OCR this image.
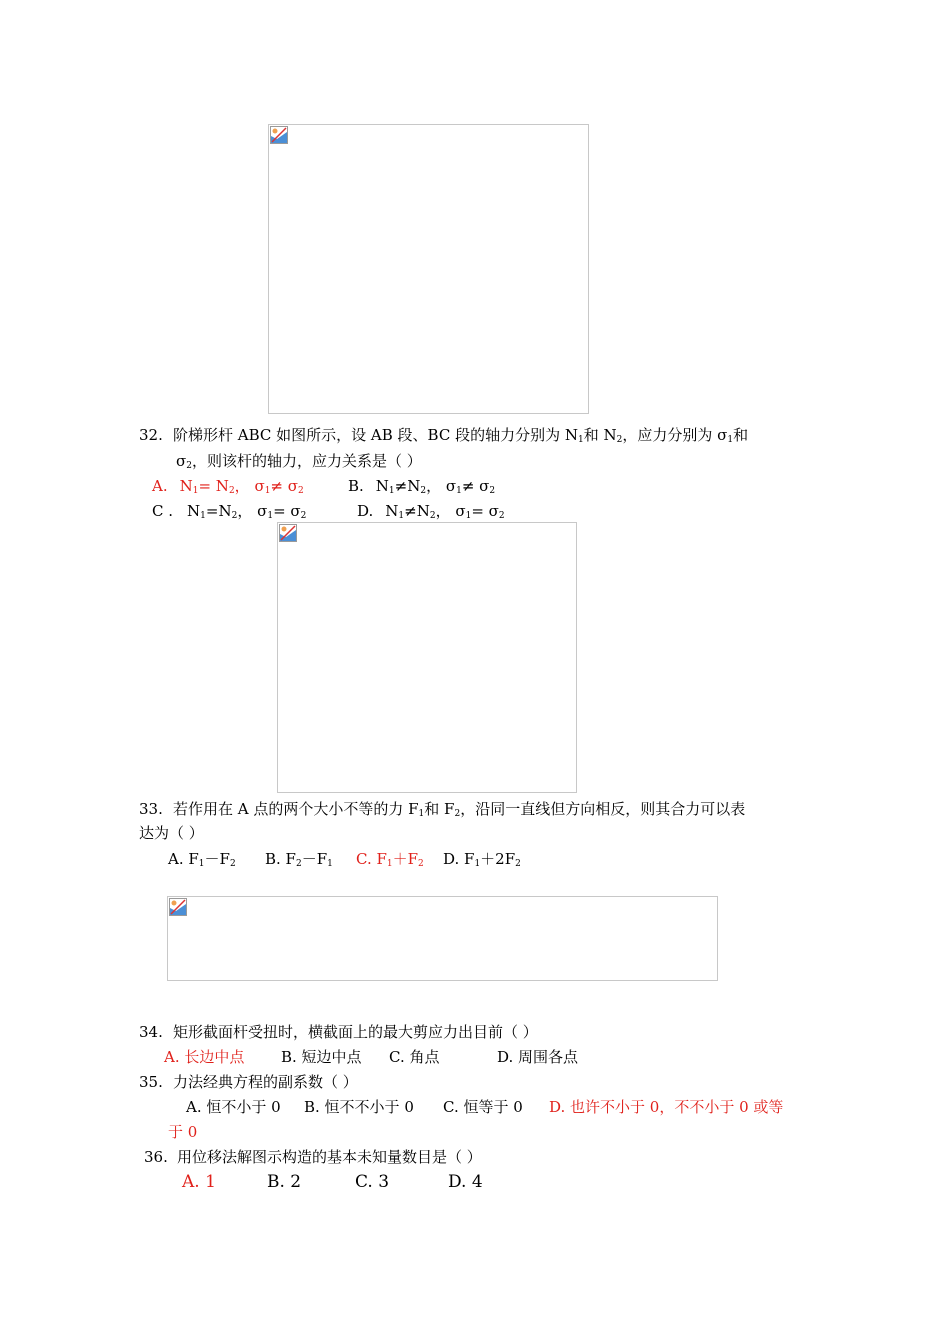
32. 阶梯形杆 ABC 如图所示，设 AB 段、BC 段的轴力分别为 $N_1$和 $N_2$，应力分别为 $\sigma_1$和
$\sigma_2$，则该杆的轴力，应力关系是（ ）
A. $N_1= N_2$， $\sigma_1\ne \sigma_2$	B. $N_1\ne N_2$， $\sigma_1\ne \sigma_2$
C . $N_1=N_2$， $\sigma_1= \sigma_2$	D. $N_1\ne N_2$， $\sigma_1= \sigma_2$
33. 若作用在 A 点的两个大小不等的力 $F_1$和 $F_2$，沿同一直线但方向相反，则其合力可以表
达为（ ）
A. $F_1-F_2$ B. $F_2-F_1$ C. $F_1+F_2$ D. $F_1+2F_2$
34. 矩形截面杆受扭时，横截面上的最大剪应力出目前（ ）
A. 长边中点 B. 短边中点 C. 角点	D. 周围各点
35. 力法经典方程的副系数（ ）
A. 恒不小于 0 B. 恒不不小于 0 C. 恒等于 0 D. 也许不小于 0，不不小于 0 或等
于 0
36. 用位移法解图示构造的基本未知量数目是（ ）
A. 1	B. 2	C. 3	D. 4
